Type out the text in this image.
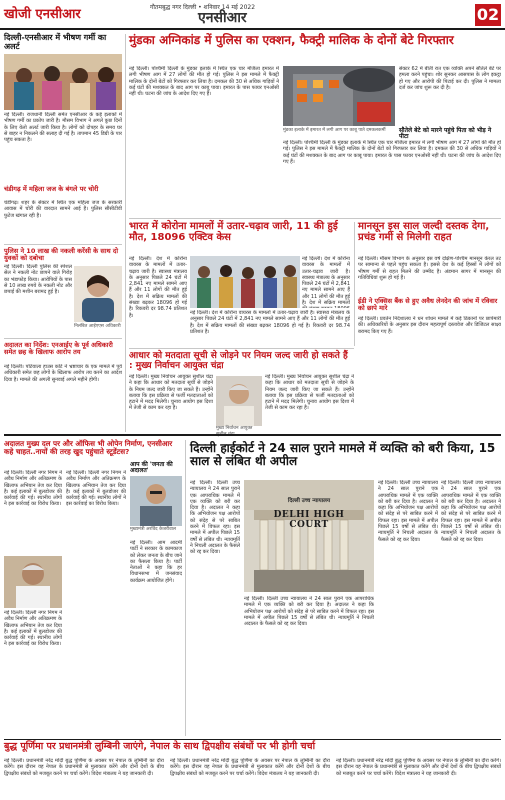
खोजी एनसीआर	गौतमबुद्ध नगर दिल्ली • शनिवार 14 मई 2022
एनसीआर	02
दिल्ली-एनसीआर में भीषण गर्मी का अलर्ट
नई दिल्ली। राजधानी दिल्ली समेत एनसीआर के कई इलाकों में भीषण गर्मी का प्रकोप जारी है। मौसम विभाग ने अगले कुछ दिनों के लिए येलो अलर्ट जारी किया है। लोगों को दोपहर के समय घर से बाहर न निकलने की सलाह दी गई है। तापमान 45 डिग्री के पार पहुंच सकता है।
चंडीगढ़ में महिला जज के बंगले पर चोरी
चंडीगढ़। शहर के सेक्टर में स्थित एक महिला जज के सरकारी आवास में चोरी की वारदात सामने आई है। पुलिस सीसीटीवी फुटेज खंगाल रही है।
पुलिस ने 10 लाख की नकली करेंसी के साथ दो युवकों को दबोचा
नई दिल्ली। दिल्ली पुलिस की स्पेशल सेल ने नकली नोट छापने वाले गिरोह का भंडाफोड़ किया। आरोपियों के पास से 10 लाख रुपये के नकली नोट और छपाई की मशीन बरामद हुई है।
निलंबित आईएएस अधिकारी
अदालत का निर्देश: एनआईए के पूर्व अधिकारी समेत छह के खिलाफ आरोप तय
नई दिल्ली। पटियाला हाउस कोर्ट ने भ्रष्टाचार के एक मामले में पूर्व अधिकारी समेत छह लोगों के खिलाफ आरोप तय करने का आदेश दिया है। मामले की अगली सुनवाई अगले महीने होगी।
मुंडका अग्निकांड में पुलिस का एक्शन, फैक्ट्री मालिक के दोनों बेटे गिरफ्तार
नई दिल्ली। पश्चिमी दिल्ली के मुंडका इलाके में स्थित एक चार मंजिला इमारत में लगी भीषण आग में 27 लोगों की मौत हो गई। पुलिस ने इस मामले में फैक्ट्री मालिक के दोनों बेटों को गिरफ्तार कर लिया है। दमकल की 30 से अधिक गाड़ियों ने कई घंटों की मशक्कत के बाद आग पर काबू पाया। इमारत के पास फायर एनओसी नहीं थी। घटना की जांच के आदेश दिए गए हैं।
मुंडका इलाके में इमारत में लगी आग पर काबू पाते दमकलकर्मी
सेक्टर 62 में बीती रात एक व्यक्ति अपने सौतेले बेटे पर हमला करने पहुंचा। शोर सुनकर आसपास के लोग इकट्ठा हो गए और आरोपी की पिटाई कर दी। पुलिस ने मामला दर्ज कर जांच शुरू कर दी है।
सौतेले बेटे को मारने पहुंचे पिता को भीड़ ने पीटा
नई दिल्ली। पश्चिमी दिल्ली के मुंडका इलाके में स्थित एक चार मंजिला इमारत में लगी भीषण आग में 27 लोगों की मौत हो गई। पुलिस ने इस मामले में फैक्ट्री मालिक के दोनों बेटों को गिरफ्तार कर लिया है। दमकल की 30 से अधिक गाड़ियों ने कई घंटों की मशक्कत के बाद आग पर काबू पाया। इमारत के पास फायर एनओसी नहीं थी। घटना की जांच के आदेश दिए गए हैं।
भारत में कोरोना मामलों में उतार-चढ़ाव जारी, 11 की हुई मौत, 18096 एक्टिव केस
नई दिल्ली। देश में कोरोना वायरस के मामलों में उतार-चढ़ाव जारी है। स्वास्थ्य मंत्रालय के अनुसार पिछले 24 घंटों में 2,841 नए मामले सामने आए हैं और 11 लोगों की मौत हुई है। देश में सक्रिय मामलों की संख्या बढ़कर 18096 हो गई है। रिकवरी दर 98.74 प्रतिशत है।	नई दिल्ली। देश में कोरोना वायरस के मामलों में उतार-चढ़ाव जारी है। स्वास्थ्य मंत्रालय के अनुसार पिछले 24 घंटों में 2,841 नए मामले सामने आए हैं और 11 लोगों की मौत हुई है। देश में सक्रिय मामलों की संख्या बढ़कर 18096 हो गई है। रिकवरी दर 98.74 प्रतिशत है।
नई दिल्ली। देश में कोरोना वायरस के मामलों में उतार-चढ़ाव जारी है। स्वास्थ्य मंत्रालय के अनुसार पिछले 24 घंटों में 2,841 नए मामले सामने आए हैं और 11 लोगों की मौत हुई है। देश में सक्रिय मामलों
मानसून इस साल जल्दी दस्तक देगा, प्रचंड गर्मी से मिलेगी राहत
नई दिल्ली। मौसम विभाग के अनुसार इस वर्ष दक्षिण-पश्चिम मानसून केरल तट पर सामान्य से पहले पहुंच सकता है। इससे देश के कई हिस्सों में लोगों को भीषण गर्मी से राहत मिलने की उम्मीद है। अंडमान सागर में मानसून की गतिविधियां शुरू हो गई हैं।
ईडी ने एक्सिस बैंक से हुए अवैध लेनदेन की जांच में रविवार को छापे मारे
नई दिल्ली। प्रवर्तन निदेशालय ने धन शोधन मामले में कई ठिकानों पर छापेमारी की। अधिकारियों के अनुसार इस दौरान महत्वपूर्ण दस्तावेज और डिजिटल साक्ष्य बरामद किए गए हैं।
आधार को मतदाता सूची से जोड़ने पर नियम जल्द जारी हो सकते हैं : मुख्य निर्वाचन आयुक्त चंद्रा
नई दिल्ली। मुख्य निर्वाचन आयुक्त सुशील चंद्रा ने कहा कि आधार को मतदाता सूची से जोड़ने के नियम जल्द जारी किए जा सकते हैं। उन्होंने बताया कि इस प्रक्रिया से फर्जी मतदाताओं को हटाने में मदद मिलेगी। चुनाव आयोग इस दिशा में तेजी से काम कर रहा है।
मुख्य निर्वाचन आयुक्त
नई दिल्ली। मुख्य निर्वाचन आयुक्त सुशील चंद्रा ने कहा कि आधार को मतदाता सूची से जोड़ने के नियम जल्द जारी किए जा सकते हैं। उन्होंने बताया कि इस प्रक्रिया से फर्जी मतदाताओं को हटाने में मदद मिलेगी। चुनाव आयोग इस दिशा में तेजी से काम कर रहा है।
अदालत मुख्य दल पर और ऑफिस भी ओपेन निर्माण, एनसीआर कहे चाहत..नायों की तरह खुद पहुंचाते स्टूडेंटस?
नई दिल्ली। दिल्ली नगर निगम ने अवैध निर्माण और अतिक्रमण के खिलाफ अभियान तेज कर दिया है। कई इलाकों में बुलडोजर की कार्रवाई की गई। स्थानीय लोगों ने इस कार्रवाई का विरोध किया।
नई दिल्ली। दिल्ली नगर निगम ने अवैध निर्माण और अतिक्रमण के खिलाफ अभियान तेज कर दिया है। कई इलाकों में बुलडोजर की कार्रवाई की गई। स्थानीय लोगों ने इस कार्रवाई का विरोध किया।
नई दिल्ली। दिल्ली नगर निगम ने अवैध निर्माण और अतिक्रमण के खिलाफ अभियान तेज कर दिया है। कई इलाकों में बुलडोजर की कार्रवाई की गई। स्थानीय लोगों ने इस कार्रवाई का विरोध किया।
आप की 'जनता की अदालत'
मुख्यमंत्री अरविंद केजरीवाल
नई दिल्ली। आम आदमी पार्टी ने सरकार के कामकाज को लेकर जनता के बीच जाने का फैसला किया है। पार्टी नेताओं ने कहा कि हर विधानसभा में जनसंवाद कार्यक्रम आयोजित होंगे।
दिल्ली हाईकोर्ट ने 24 साल पुराने मामले में व्यक्ति को बरी किया, 15 साल से लंबित थी अपील
नई दिल्ली। दिल्ली उच्च न्यायालय ने 24 साल पुराने एक आपराधिक मामले में एक व्यक्ति को बरी कर दिया है। अदालत ने कहा कि अभियोजन पक्ष आरोपों को संदेह से परे साबित करने में विफल रहा। इस मामले में अपील पिछले 15 वर्षों से लंबित थी। न्यायमूर्ति ने निचली अदालत के फैसले को रद्द कर दिया।
दिल्ली उच्च न्यायालय
DELHI HIGH COURT
नई दिल्ली। दिल्ली उच्च न्यायालय ने 24 साल पुराने एक आपराधिक मामले में एक व्यक्ति को बरी कर दिया है। अदालत ने कहा कि अभियोजन पक्ष आरोपों को संदेह से परे साबित करने में विफल रहा। इस मामले में अपील पिछले 15 वर्षों से लंबित थी। न्यायमूर्ति ने निचली अदालत के फैसले को रद्द कर दिया।
नई दिल्ली। दिल्ली उच्च न्यायालय ने 24 साल पुराने एक आपराधिक मामले में एक व्यक्ति को बरी कर दिया है। अदालत ने कहा कि अभियोजन पक्ष आरोपों को संदेह से परे साबित करने में विफल रहा। इस मामले में अपील पिछले 15 वर्षों से लंबित थी। न्यायमूर्ति ने निचली अदालत के फैसले को रद्द कर दिया।
नई दिल्ली। दिल्ली उच्च न्यायालय ने 24 साल पुराने एक आपराधिक मामले में एक व्यक्ति को बरी कर दिया है। अदालत ने कहा कि अभियोजन पक्ष आरोपों को संदेह से परे साबित करने में विफल रहा। इस मामले में अपील पिछले 15 वर्षों से लंबित थी। न्यायमूर्ति ने निचली अदालत के फैसले को रद्द कर दिया।
बुद्ध पूर्णिमा पर प्रधानमंत्री लुम्बिनी जाएंगे, नेपाल के साथ द्विपक्षीय संबंधों पर भी होगी चर्चा
नई दिल्ली। प्रधानमंत्री नरेंद्र मोदी बुद्ध पूर्णिमा के अवसर पर नेपाल के लुम्बिनी का दौरा करेंगे। इस दौरान वह नेपाल के प्रधानमंत्री से मुलाकात करेंगे और दोनों देशों के बीच द्विपक्षीय संबंधों को मजबूत करने पर चर्चा करेंगे। विदेश मंत्रालय ने यह जानकारी दी।
नई दिल्ली। प्रधानमंत्री नरेंद्र मोदी बुद्ध पूर्णिमा के अवसर पर नेपाल के लुम्बिनी का दौरा करेंगे। इस दौरान वह नेपाल के प्रधानमंत्री से मुलाकात करेंगे और दोनों देशों के बीच द्विपक्षीय संबंधों को मजबूत करने पर चर्चा करेंगे। विदेश मंत्रालय ने यह जानकारी दी।
नई दिल्ली। प्रधानमंत्री नरेंद्र मोदी बुद्ध पूर्णिमा के अवसर पर नेपाल के लुम्बिनी का दौरा करेंगे। इस दौरान वह नेपाल के प्रधानमंत्री से मुलाकात करेंगे और दोनों देशों के बीच द्विपक्षीय संबंधों को मजबूत करने पर चर्चा करेंगे। विदेश मंत्रालय ने यह जानकारी दी।
